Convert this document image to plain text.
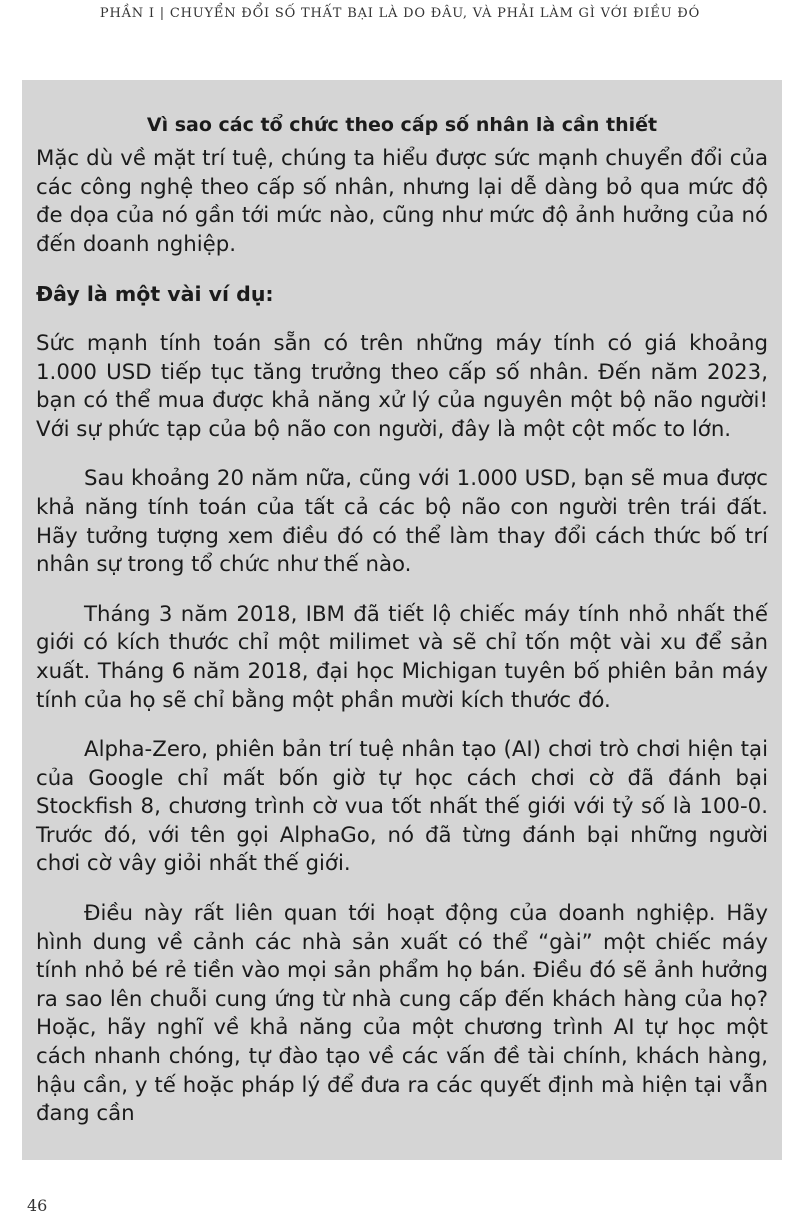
PHẦN I | CHUYỂN ĐỔI SỐ THẤT BẠI LÀ DO ĐÂU, VÀ PHẢI LÀM GÌ VỚI ĐIỀU ĐÓ
Vì sao các tổ chức theo cấp số nhân là cần thiết

Mặc dù về mặt trí tuệ, chúng ta hiểu được sức mạnh chuyển đổi của các công nghệ theo cấp số nhân, nhưng lại dễ dàng bỏ qua mức độ đe dọa của nó gần tới mức nào, cũng như mức độ ảnh hưởng của nó đến doanh nghiệp.

Đây là một vài ví dụ:

Sức mạnh tính toán sẵn có trên những máy tính có giá khoảng 1.000 USD tiếp tục tăng trưởng theo cấp số nhân. Đến năm 2023, bạn có thể mua được khả năng xử lý của nguyên một bộ não người! Với sự phức tạp của bộ não con người, đây là một cột mốc to lớn.

Sau khoảng 20 năm nữa, cũng với 1.000 USD, bạn sẽ mua được khả năng tính toán của tất cả các bộ não con người trên trái đất. Hãy tưởng tượng xem điều đó có thể làm thay đổi cách thức bố trí nhân sự trong tổ chức như thế nào.

Tháng 3 năm 2018, IBM đã tiết lộ chiếc máy tính nhỏ nhất thế giới có kích thước chỉ một milimet và sẽ chỉ tốn một vài xu để sản xuất. Tháng 6 năm 2018, đại học Michigan tuyên bố phiên bản máy tính của họ sẽ chỉ bằng một phần mười kích thước đó.

Alpha-Zero, phiên bản trí tuệ nhân tạo (AI) chơi trò chơi hiện tại của Google chỉ mất bốn giờ tự học cách chơi cờ đã đánh bại Stockfish 8, chương trình cờ vua tốt nhất thế giới với tỷ số là 100-0. Trước đó, với tên gọi AlphaGo, nó đã từng đánh bại những người chơi cờ vây giỏi nhất thế giới.

Điều này rất liên quan tới hoạt động của doanh nghiệp. Hãy hình dung về cảnh các nhà sản xuất có thể “gài” một chiếc máy tính nhỏ bé rẻ tiền vào mọi sản phẩm họ bán. Điều đó sẽ ảnh hưởng ra sao lên chuỗi cung ứng từ nhà cung cấp đến khách hàng của họ? Hoặc, hãy nghĩ về khả năng của một chương trình AI tự học một cách nhanh chóng, tự đào tạo về các vấn đề tài chính, khách hàng, hậu cần, y tế hoặc pháp lý để đưa ra các quyết định mà hiện tại vẫn đang cần

46
